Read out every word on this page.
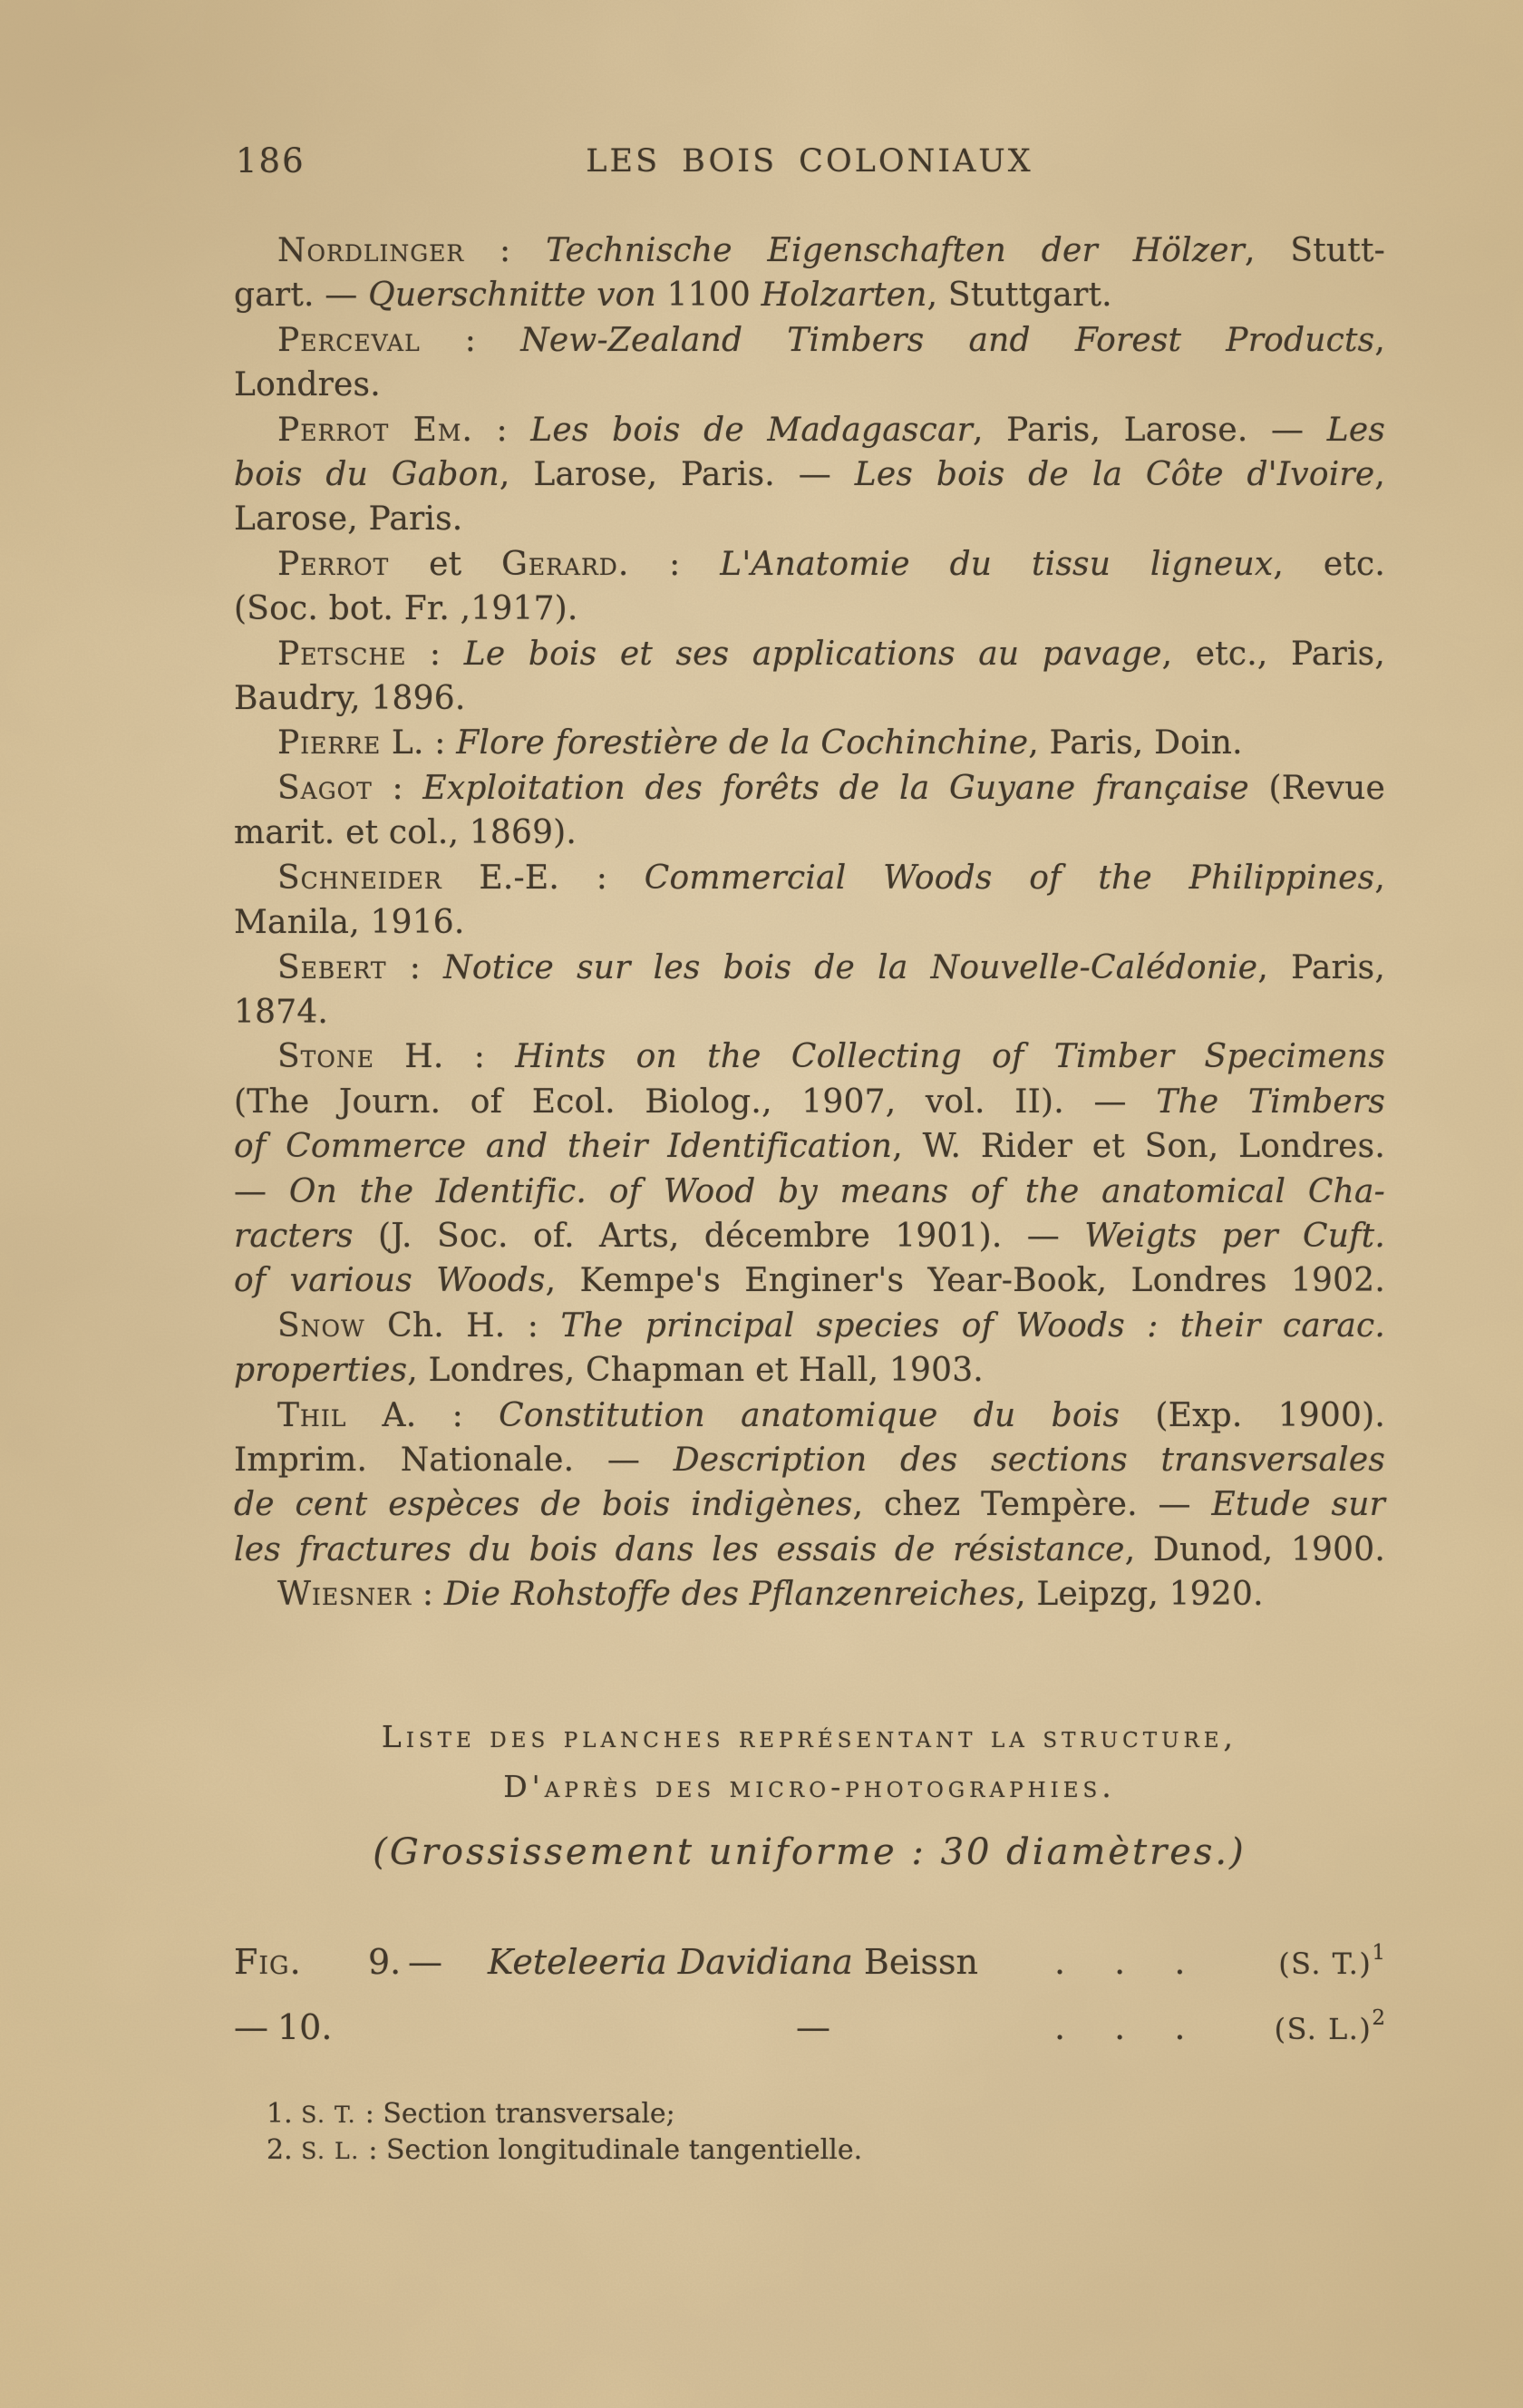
186	LES BOIS COLONIAUX
Nordlinger : Technische Eigenschaften der Hölzer, Stutt-
gart. — Querschnitte von 1100 Holzarten, Stuttgart.
Perceval : New-Zealand Timbers and Forest Products,
Londres.
Perrot Em. : Les bois de Madagascar, Paris, Larose. — Les
bois du Gabon, Larose, Paris. — Les bois de la Côte d'Ivoire,
Larose, Paris.
Perrot et Gerard. : L'Anatomie du tissu ligneux, etc.
(Soc. bot. Fr. ,1917).
Petsche : Le bois et ses applications au pavage, etc., Paris,
Baudry, 1896.
Pierre L. : Flore forestière de la Cochinchine, Paris, Doin.
Sagot : Exploitation des forêts de la Guyane française (Revue
marit. et col., 1869).
Schneider E.-E. : Commercial Woods of the Philippines,
Manila, 1916.
Sebert : Notice sur les bois de la Nouvelle-Calédonie, Paris,
1874.
Stone H. : Hints on the Collecting of Timber Specimens
(The Journ. of Ecol. Biolog., 1907, vol. II). — The Timbers
of Commerce and their Identification, W. Rider et Son, Londres.
— On the Identific. of Wood by means of the anatomical Cha-
racters (J. Soc. of. Arts, décembre 1901). — Weigts per Cuft.
of various Woods, Kempe's Enginer's Year-Book, Londres 1902.
Snow Ch. H. : The principal species of Woods : their carac.
properties, Londres, Chapman et Hall, 1903.
Thil A. : Constitution anatomique du bois (Exp. 1900).
Imprim. Nationale. — Description des sections transversales
de cent espèces de bois indigènes, chez Tempère. — Etude sur
les fractures du bois dans les essais de résistance, Dunod, 1900.
Wiesner : Die Rohstoffe des Pflanzenreiches, Leipzg, 1920.
Liste des planches représentant la structure,
D'après des micro-photographies.
(Grossissement uniforme : 30 diamètres.)
Fig. 9. — Keteleeria Davidiana Beissn . . .	(S. T.)$^1$
— 10.	—	. . .	(S. L.)$^2$
1. S. T. : Section transversale;
2. S. L. : Section longitudinale tangentielle.
